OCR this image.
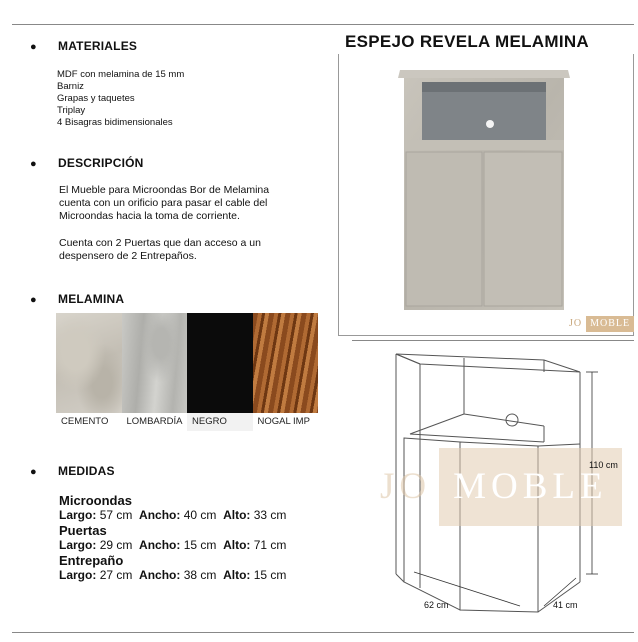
● MATERIALES
MDF con melamina de 15 mm
Barniz
Grapas y taquetes
Triplay
4 Bisagras bidimensionales
● DESCRIPCIÓN
El Mueble para Microondas Bor de Melamina cuenta con un orificio para pasar el cable del Microondas hacia la toma de corriente.
Cuenta con 2 Puertas que dan acceso a un despensero de 2 Entrepaños.
● MELAMINA
CEMENTO	LOMBARDÍA	NEGRO	NOGAL IMP
● MEDIDAS
Microondas
Largo: 57 cm Ancho: 40 cm Alto: 33 cm
Puertas
Largo: 29 cm Ancho: 15 cm Alto: 71 cm
Entrepaño
Largo: 27 cm Ancho: 38 cm Alto: 15 cm
ESPEJO REVELA MELAMINA
JO MOBLE
JO MOBLE
110 cm
62 cm	41 cm
